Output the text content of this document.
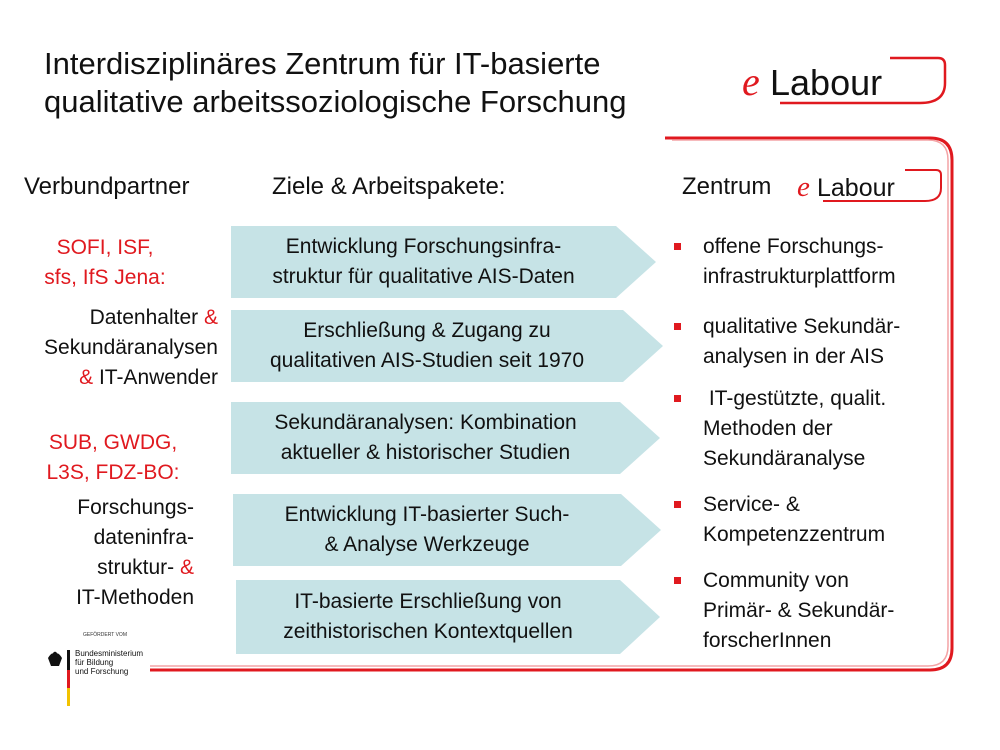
Interdisziplinäres Zentrum für IT-basierte
qualitative arbeitssoziologische Forschung	e Labour
Verbundpartner	Ziele & Arbeitspakete:	Zentrum e Labour
SOFI, ISF,
sfs, IfS Jena:
Datenhalter &
Sekundäranalysen
& IT-Anwender
SUB, GWDG,
L3S, FDZ-BO:
Forschungs-
dateninfra-
struktur- &
IT-Methoden
Entwicklung Forschungsinfra-
struktur für qualitative AIS-Daten
Erschließung & Zugang zu
qualitativen AIS-Studien seit 1970
Sekundäranalysen: Kombination
aktueller & historischer Studien
Entwicklung IT-basierter Such-
& Analyse Werkzeuge
IT-basierte Erschließung von
zeithistorischen Kontextquellen
offene Forschungs-
infrastrukturplattform
qualitative Sekundär-
analysen in der AIS
IT-gestützte, qualit.
Methoden der
Sekundäranalyse
Service- &
Kompetenzzentrum
Community von
Primär- & Sekundär-
forscherInnen
GEFÖRDERT VOM
Bundesministerium
für Bildung
und Forschung
